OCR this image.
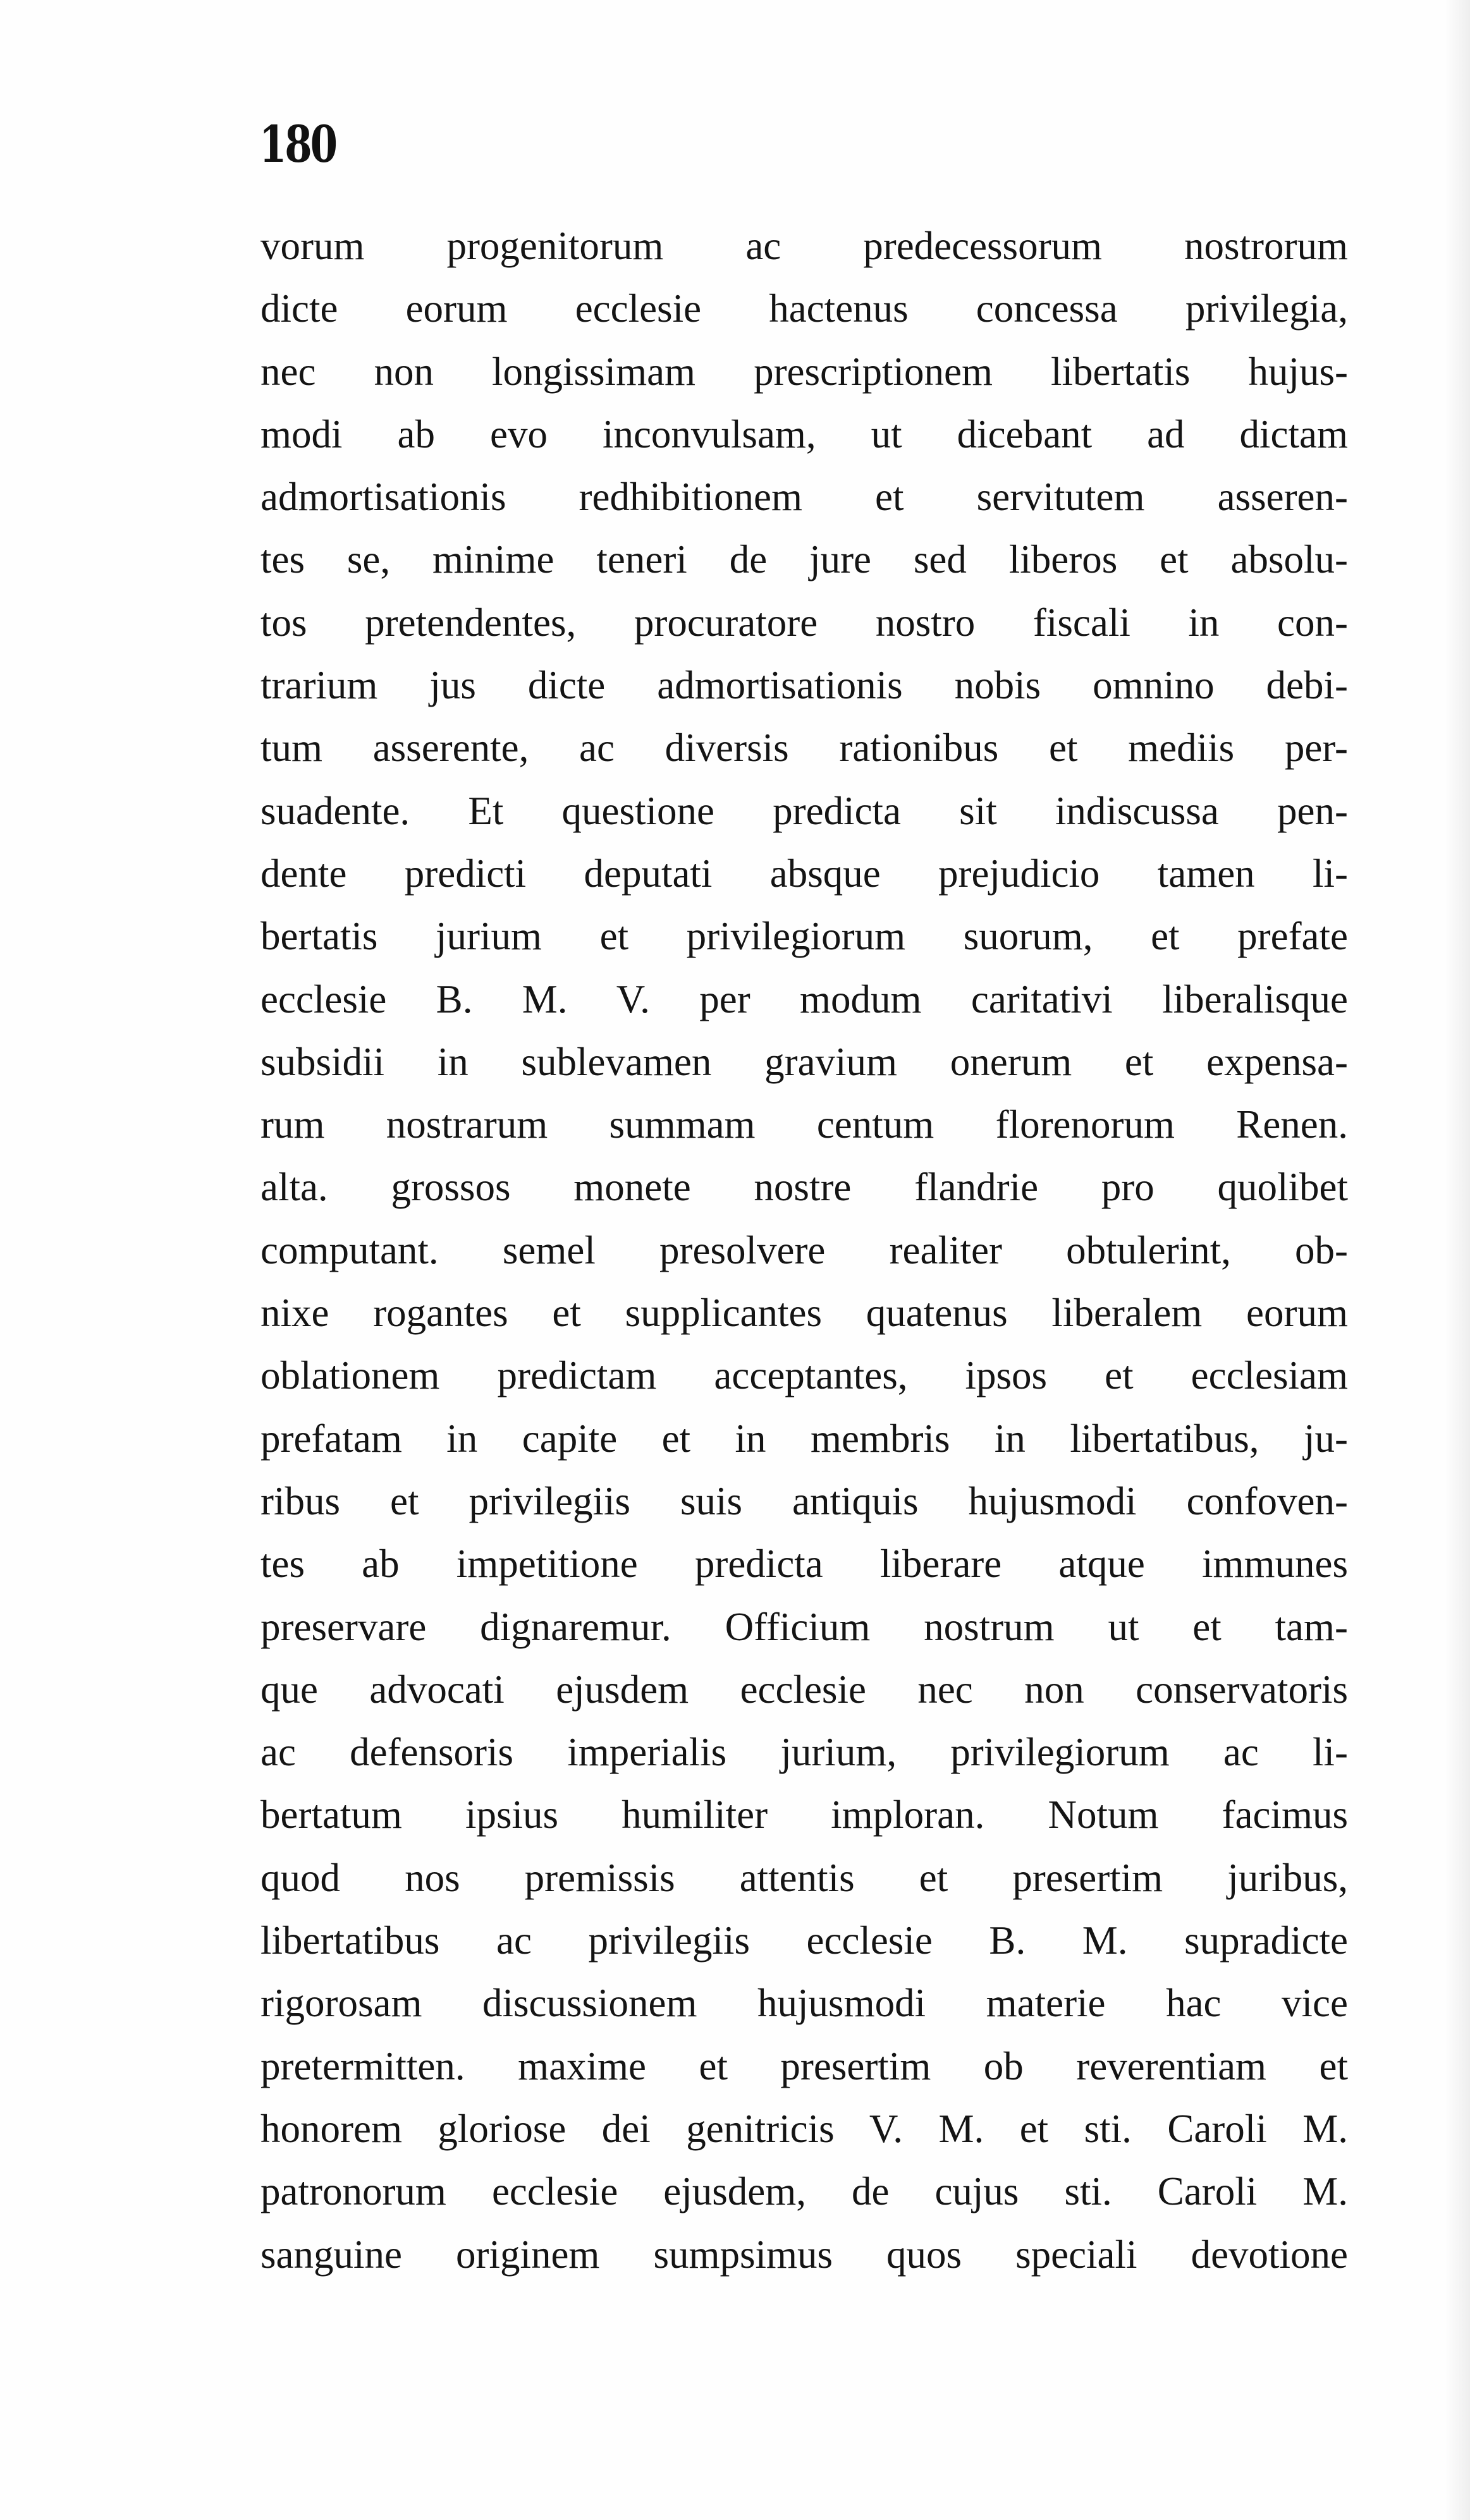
180
vorum progenitorum ac predecessorum nostrorum
dicte eorum ecclesie hactenus concessa privilegia,
nec non longissimam prescriptionem libertatis hujus-
modi ab evo inconvulsam, ut dicebant ad dictam
admortisationis redhibitionem et servitutem asseren-
tes se, minime teneri de jure sed liberos et absolu-
tos pretendentes, procuratore nostro fiscali in con-
trarium jus dicte admortisationis nobis omnino debi-
tum asserente, ac diversis rationibus et mediis per-
suadente. Et questione predicta sit indiscussa pen-
dente predicti deputati absque prejudicio tamen li-
bertatis jurium et privilegiorum suorum, et prefate
ecclesie B. M. V. per modum caritativi liberalisque
subsidii in sublevamen gravium onerum et expensa-
rum nostrarum summam centum florenorum Renen.
alta. grossos monete nostre flandrie pro quolibet
computant. semel presolvere realiter obtulerint, ob-
nixe rogantes et supplicantes quatenus liberalem eorum
oblationem predictam acceptantes, ipsos et ecclesiam
prefatam in capite et in membris in libertatibus, ju-
ribus et privilegiis suis antiquis hujusmodi confoven-
tes ab impetitione predicta liberare atque immunes
preservare dignaremur. Officium nostrum ut et tam-
que advocati ejusdem ecclesie nec non conservatoris
ac defensoris imperialis jurium, privilegiorum ac li-
bertatum ipsius humiliter imploran. Notum facimus
quod nos premissis attentis et presertim juribus,
libertatibus ac privilegiis ecclesie B. M. supradicte
rigorosam discussionem hujusmodi materie hac vice
pretermitten. maxime et presertim ob reverentiam et
honorem gloriose dei genitricis V. M. et sti. Caroli M.
patronorum ecclesie ejusdem, de cujus sti. Caroli M.
sanguine originem sumpsimus quos speciali devotione
